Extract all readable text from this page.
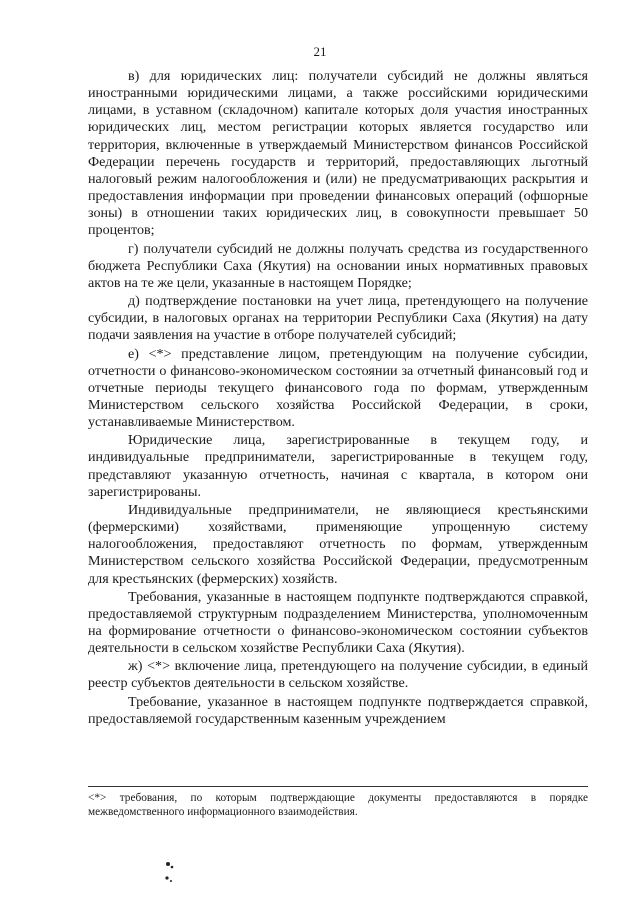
21

в) для юридических лиц: получатели субсидий не должны являться иностранными юридическими лицами, а также российскими юридическими лицами, в уставном (складочном) капитале которых доля участия иностранных юридических лиц, местом регистрации которых является государство или территория, включенные в утверждаемый Министерством финансов Российской Федерации перечень государств и территорий, предоставляющих льготный налоговый режим налогообложения и (или) не предусматривающих раскрытия и предоставления информации при проведении финансовых операций (офшорные зоны) в отношении таких юридических лиц, в совокупности превышает 50 процентов;

г) получатели субсидий не должны получать средства из государственного бюджета Республики Саха (Якутия) на основании иных нормативных правовых актов на те же цели, указанные в настоящем Порядке;

д) подтверждение постановки на учет лица, претендующего на получение субсидии, в налоговых органах на территории Республики Саха (Якутия) на дату подачи заявления на участие в отборе получателей субсидий;

е) <*> представление лицом, претендующим на получение субсидии, отчетности о финансово-экономическом состоянии за отчетный финансовый год и отчетные периоды текущего финансового года по формам, утвержденным Министерством сельского хозяйства Российской Федерации, в сроки, устанавливаемые Министерством.

Юридические лица, зарегистрированные в текущем году, и индивидуальные предприниматели, зарегистрированные в текущем году, представляют указанную отчетность, начиная с квартала, в котором они зарегистрированы.

Индивидуальные предприниматели, не являющиеся крестьянскими (фермерскими) хозяйствами, применяющие упрощенную систему налогообложения, предоставляют отчетность по формам, утвержденным Министерством сельского хозяйства Российской Федерации, предусмотренным для крестьянских (фермерских) хозяйств.

Требования, указанные в настоящем подпункте подтверждаются справкой, предоставляемой структурным подразделением Министерства, уполномоченным на формирование отчетности о финансово-экономическом состоянии субъектов деятельности в сельском хозяйстве Республики Саха (Якутия).

ж) <*> включение лица, претендующего на получение субсидии, в единый реестр субъектов деятельности в сельском хозяйстве.

Требование, указанное в настоящем подпункте подтверждается справкой, предоставляемой государственным казенным учреждением

<*> требования, по которым подтверждающие документы предоставляются в порядке межведомственного информационного взаимодействия.
